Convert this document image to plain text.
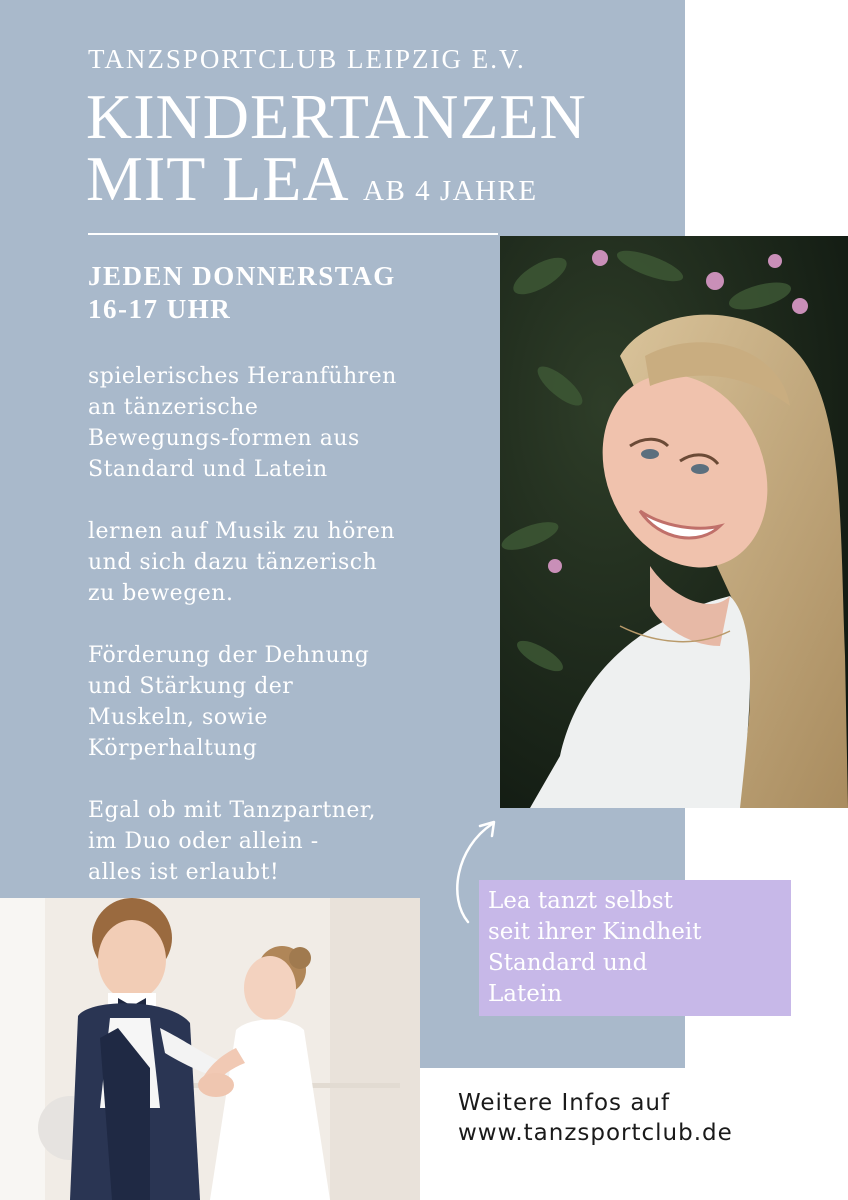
TANZSPORTCLUB LEIPZIG E.V.
KINDERTANZEN
MIT LEA AB 4 JAHRE
JEDEN DONNERSTAG
16-17 UHR
spielerisches Heranführen
an tänzerische
Bewegungs-formen aus
Standard und Latein
lernen auf Musik zu hören
und sich dazu tänzerisch
zu bewegen.
Förderung der Dehnung
und Stärkung der
Muskeln, sowie
Körperhaltung
Egal ob mit Tanzpartner,
im Duo oder allein -
alles ist erlaubt!
Lea tanzt selbst
seit ihrer Kindheit
Standard und
Latein
Weitere Infos auf
www.tanzsportclub.de
